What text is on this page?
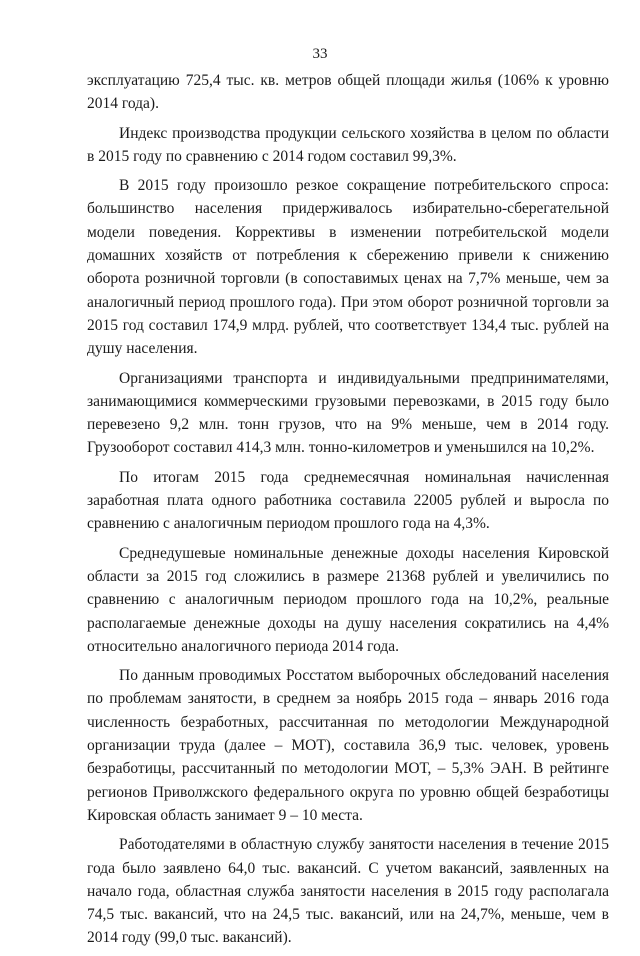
33

эксплуатацию 725,4 тыс. кв. метров общей площади жилья (106% к уровню 2014 года).

Индекс производства продукции сельского хозяйства в целом по области в 2015 году по сравнению с 2014 годом составил 99,3%.

В 2015 году произошло резкое сокращение потребительского спроса: большинство населения придерживалось избирательно-сберегательной модели поведения. Коррективы в изменении потребительской модели домашних хозяйств от потребления к сбережению привели к снижению оборота розничной торговли (в сопоставимых ценах на 7,7% меньше, чем за аналогичный период прошлого года). При этом оборот розничной торговли за 2015 год составил 174,9 млрд. рублей, что соответствует 134,4 тыс. рублей на душу населения.

Организациями транспорта и индивидуальными предпринимателями, занимающимися коммерческими грузовыми перевозками, в 2015 году было перевезено 9,2 млн. тонн грузов, что на 9% меньше, чем в 2014 году. Грузооборот составил 414,3 млн. тонно-километров и уменьшился на 10,2%.

По итогам 2015 года среднемесячная номинальная начисленная заработная плата одного работника составила 22005 рублей и выросла по сравнению с аналогичным периодом прошлого года на 4,3%.

Среднедушевые номинальные денежные доходы населения Кировской области за 2015 год сложились в размере 21368 рублей и увеличились по сравнению с аналогичным периодом прошлого года на 10,2%, реальные располагаемые денежные доходы на душу населения сократились на 4,4% относительно аналогичного периода 2014 года.

По данным проводимых Росстатом выборочных обследований населения по проблемам занятости, в среднем за ноябрь 2015 года – январь 2016 года численность безработных, рассчитанная по методологии Международной организации труда (далее – МОТ), составила 36,9 тыс. человек, уровень безработицы, рассчитанный по методологии МОТ, – 5,3% ЭАН. В рейтинге регионов Приволжского федерального округа по уровню общей безработицы Кировская область занимает 9 – 10 места.

Работодателями в областную службу занятости населения в течение 2015 года было заявлено 64,0 тыс. вакансий. С учетом вакансий, заявленных на начало года, областная служба занятости населения в 2015 году располагала 74,5 тыс. вакансий, что на 24,5 тыс. вакансий, или на 24,7%, меньше, чем в 2014 году (99,0 тыс. вакансий).
